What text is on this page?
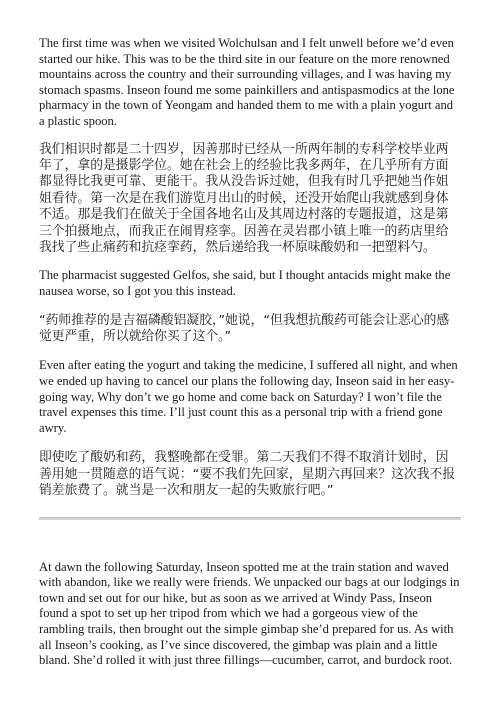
The first time was when we visited Wolchulsan and I felt unwell before we’d even started our hike. This was to be the third site in our feature on the more renowned mountains across the country and their surrounding villages, and I was having my stomach spasms. Inseon found me some painkillers and antispasmodics at the lone pharmacy in the town of Yeongam and handed them to me with a plain yogurt and a plastic spoon.

我们相识时都是二十四岁，因善那时已经从一所两年制的专科学校毕业两年了，拿的是摄影学位。她在社会上的经验比我多两年，在几乎所有方面都显得比我更可靠、更能干。我从没告诉过她，但我有时几乎把她当作姐姐看待。第一次是在我们游览月出山的时候，还没开始爬山我就感到身体不适。那是我们在做关于全国各地名山及其周边村落的专题报道，这是第三个拍摄地点，而我正在闹胃痉挛。因善在灵岩郡小镇上唯一的药店里给我找了些止痛药和抗痉挛药，然后递给我一杯原味酸奶和一把塑料勺。

The pharmacist suggested Gelfos, she said, but I thought antacids might make the nausea worse, so I got you this instead.

“药师推荐的是吉福磷酸铝凝胶，”她说，“但我想抗酸药可能会让恶心的感觉更严重，所以就给你买了这个。”

Even after eating the yogurt and taking the medicine, I suffered all night, and when we ended up having to cancel our plans the following day, Inseon said in her easy-going way, Why don’t we go home and come back on Saturday? I won’t file the travel expenses this time. I’ll just count this as a personal trip with a friend gone awry.

即使吃了酸奶和药，我整晚都在受罪。第二天我们不得不取消计划时，因善用她一贯随意的语气说：“要不我们先回家，星期六再回来？这次我不报销差旅费了。就当是一次和朋友一起的失败旅行吧。”

At dawn the following Saturday, Inseon spotted me at the train station and waved with abandon, like we really were friends. We unpacked our bags at our lodgings in town and set out for our hike, but as soon as we arrived at Windy Pass, Inseon found a spot to set up her tripod from which we had a gorgeous view of the rambling trails, then brought out the simple gimbap she’d prepared for us. As with all Inseon’s cooking, as I’ve since discovered, the gimbap was plain and a little bland. She’d rolled it with just three fillings—cucumber, carrot, and burdock root.
